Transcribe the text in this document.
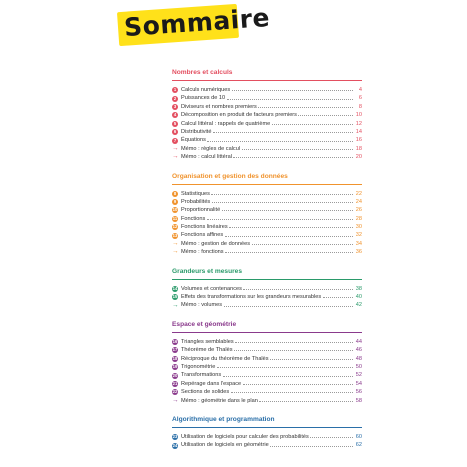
Sommaire
Nombres et calculs
1 Calculs numériques	4
2 Puissances de 10	6
3 Diviseurs et nombres premiers	8
4 Décomposition en produit de facteurs premiers	10
5 Calcul littéral : rappels de quatrième	12
6 Distributivité	14
7 Équations	16
→ Mémo : règles de calcul	18
→ Mémo : calcul littéral	20
Organisation et gestion des données
8 Statistiques	22
9 Probabilités	24
10 Proportionnalité	26
11 Fonctions	28
12 Fonctions linéaires	30
13 Fonctions affines	32
→ Mémo : gestion de données	34
→ Mémo : fonctions	36
Grandeurs et mesures
14 Volumes et contenances	38
15 Effets des transformations sur les grandeurs mesurables	40
→ Mémo : volumes	42
Espace et géométrie
16 Triangles semblables	44
17 Théorème de Thalès	46
18 Réciproque du théorème de Thalès	48
19 Trigonométrie	50
20 Transformations	52
21 Repérage dans l'espace	54
22 Sections de solides	56
→ Mémo : géométrie dans le plan	58
Algorithmique et programmation
23 Utilisation de logiciels pour calculer des probabilités	60
24 Utilisation de logiciels en géométrie	62
